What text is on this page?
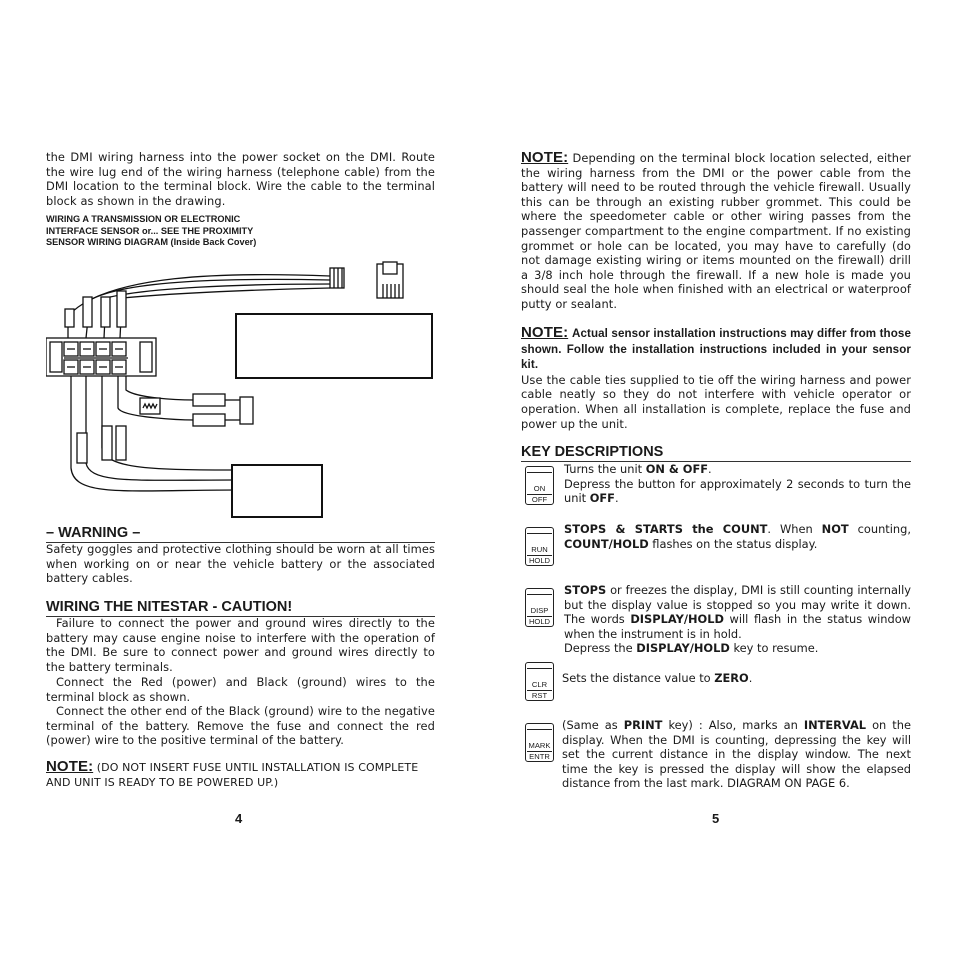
the DMI wiring harness into the power socket on the DMI. Route the wire lug end of the wiring harness (telephone cable) from the DMI location to the terminal block. Wire the cable to the terminal block as shown in the drawing.

WIRING A TRANSMISSION OR ELECTRONIC
INTERFACE SENSOR or... SEE THE PROXIMITY
SENSOR WIRING DIAGRAM (Inside Back Cover)
– WARNING –

Safety goggles and protective clothing should be worn at all times when working on or near the vehicle battery or the associated battery cables.

WIRING THE NITESTAR - CAUTION!

Failure to connect the power and ground wires directly to the battery may cause engine noise to interfere with the operation of the DMI. Be sure to connect power and ground wires directly to the battery terminals.

Connect the Red (power) and Black (ground) wires to the terminal block as shown.

Connect the other end of the Black (ground) wire to the negative terminal of the battery. Remove the fuse and connect the red (power) wire to the positive terminal of the battery.

NOTE: (DO NOT INSERT FUSE UNTIL INSTALLATION IS COMPLETE AND UNIT IS READY TO BE POWERED UP.)

4

NOTE: Depending on the terminal block location selected, either the wiring harness from the DMI or the power cable from the battery will need to be routed through the vehicle firewall. Usually this can be through an existing rubber grommet. This could be where the speedometer cable or other wiring passes from the passenger compartment to the engine compartment. If no existing grommet or hole can be located, you may have to carefully (do not damage existing wiring or items mounted on the firewall) drill a 3/8 inch hole through the firewall. If a new hole is made you should seal the hole when finished with an electrical or waterproof putty or sealant.

NOTE: Actual sensor installation instructions may differ from those shown. Follow the installation instructions included in your sensor kit.
Use the cable ties supplied to tie off the wiring harness and power cable neatly so they do not interfere with vehicle operator or operation. When all installation is complete, replace the fuse and power up the unit.

KEY DESCRIPTIONS
ON
OFF

Turns the unit ON & OFF.
Depress the button for approximately 2 seconds to turn the unit OFF.

RUN
HOLD

STOPS & STARTS the COUNT. When NOT counting, COUNT/HOLD flashes on the status display.

DISP
HOLD

STOPS or freezes the display, DMI is still counting internally but the display value is stopped so you may write it down. The words DISPLAY/HOLD will flash in the status window when the instrument is in hold.
Depress the DISPLAY/HOLD key to resume.

CLR
RST

Sets the distance value to ZERO.

MARK
ENTR

(Same as PRINT key) : Also, marks an INTERVAL on the display. When the DMI is counting, depressing the key will set the current distance in the display window. The next time the key is pressed the display will show the elapsed distance from the last mark. DIAGRAM ON PAGE 6.

5
